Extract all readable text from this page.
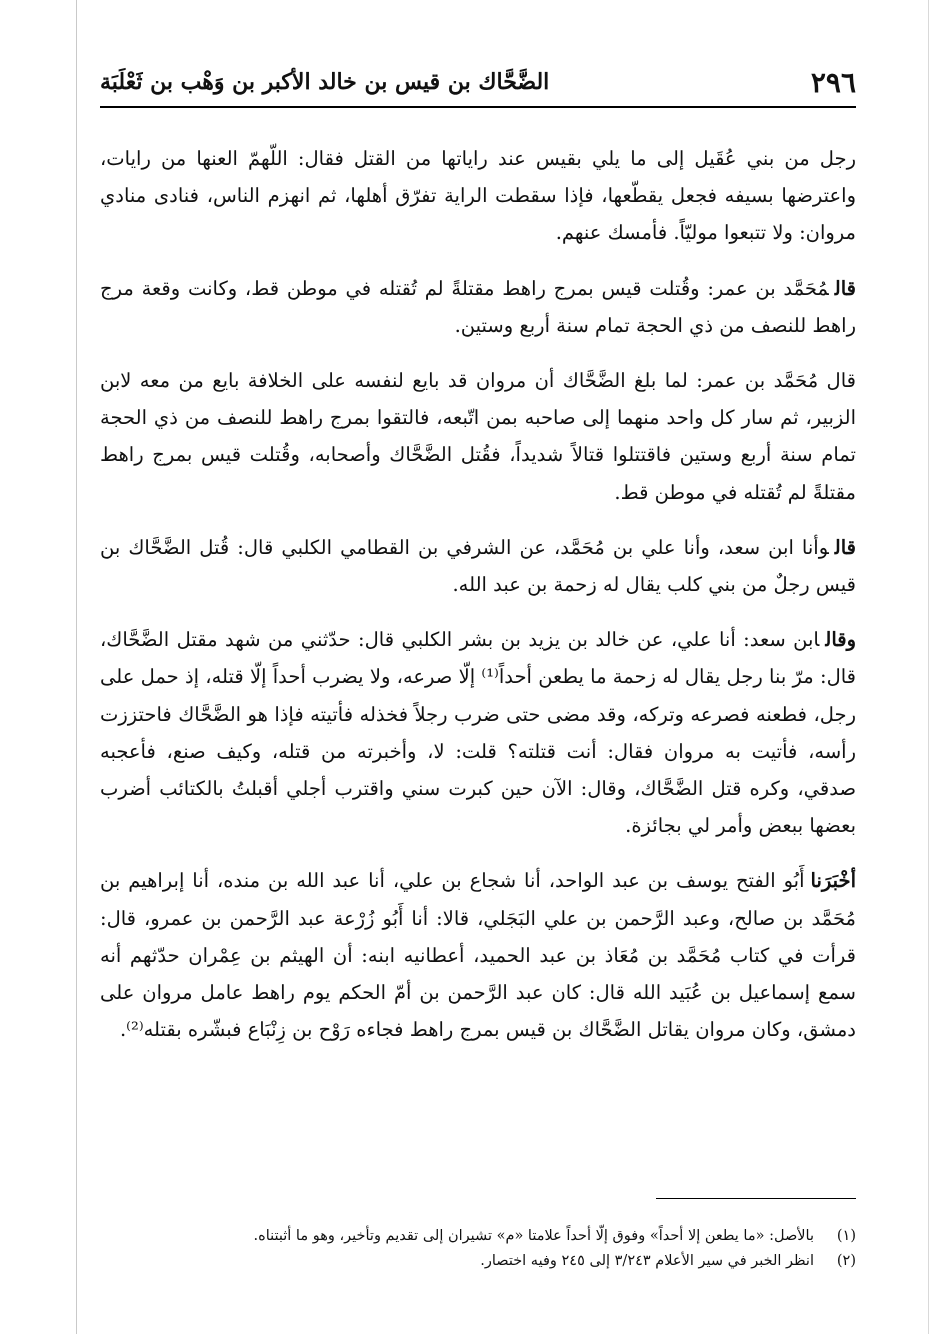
٢٩٦
الضَّحَّاك بن قيس بن خالد الأكبر بن وَهْب بن ثَعْلَبَة

رجل من بني عُقَيل إلى ما يلي بقيس عند راياتها من القتل فقال: اللّهمّ العنها من رايات، واعترضها بسيفه فجعل يقطّعها، فإذا سقطت الراية تفرّق أهلها، ثم انهزم الناس، فنادى منادي مروان: ولا تتبعوا موليّاً. فأمسك عنهم.

قالمُحَمَّد بن عمر: وقُتلت قيس بمرج راهط مقتلةً لم تُقتله في موطن قط، وكانت وقعة مرج راهط للنصف من ذي الحجة تمام سنة أربع وستين.

قال مُحَمَّد بن عمر: لما بلغ الضَّحَّاك أن مروان قد بايع لنفسه على الخلافة بايع من معه لابن الزبير، ثم سار كل واحد منهما إلى صاحبه بمن اتّبعه، فالتقوا بمرج راهط للنصف من ذي الحجة تمام سنة أربع وستين فاقتتلوا قتالاً شديداً، فقُتل الضَّحَّاك وأصحابه، وقُتلت قيس بمرج راهط مقتلةً لم تُقتله في موطن قط.

قالوأنا ابن سعد، وأنا علي بن مُحَمَّد، عن الشرفي بن القطامي الكلبي قال: قُتل الضَّحَّاك بن قيس رجلٌ من بني كلب يقال له زحمة بن عبد الله.

وقالابن سعد: أنا علي، عن خالد بن يزيد بن بشر الكلبي قال: حدّثني من شهد مقتل الضَّحَّاك، قال: مرّ بنا رجل يقال له زحمة ما يطعن أحداً⁽¹⁾ إلّا صرعه، ولا يضرب أحداً إلّا قتله، إذ حمل على رجل، فطعنه فصرعه وتركه، وقد مضى حتى ضرب رجلاً فخذله فأتيته فإذا هو الضَّحَّاك فاحتززت رأسه، فأتيت به مروان فقال: أنت قتلته؟ قلت: لا، وأخبرته من قتله، وكيف صنع، فأعجبه صدقي، وكره قتل الضَّحَّاك، وقال: الآن حين كبرت سني واقترب أجلي أقبلتُ بالكتائب أضرب بعضها ببعض وأمر لي بجائزة.

أخْبَرَناأَبُو الفتح يوسف بن عبد الواحد، أنا شجاع بن علي، أنا عبد الله بن منده، أنا إبراهيم بن مُحَمَّد بن صالح، وعبد الرَّحمن بن علي البَجَلي، قالا: أنا أَبُو زُرْعة عبد الرَّحمن بن عمرو، قال: قرأت في كتاب مُحَمَّد بن مُعَاذ بن عبد الحميد، أعطانيه ابنه: أن الهيثم بن عِمْران حدّثهم أنه سمع إسماعيل بن عُبَيد الله قال: كان عبد الرَّحمن بن أمّ الحكم يوم راهط عامل مروان على دمشق، وكان مروان يقاتل الضَّحَّاك بن قيس بمرج راهط فجاءه رَوْح بن زِنْبَاع فبشّره بقتله⁽²⁾.

(١)
بالأصل: «ما يطعن إلا أحداً» وفوق إلّا أحداً علامتا «م» تشيران إلى تقديم وتأخير، وهو ما أثبتناه.
(٢)
انظر الخبر في سير الأعلام ٣/٢٤٣ إلى ٢٤٥ وفيه اختصار.
